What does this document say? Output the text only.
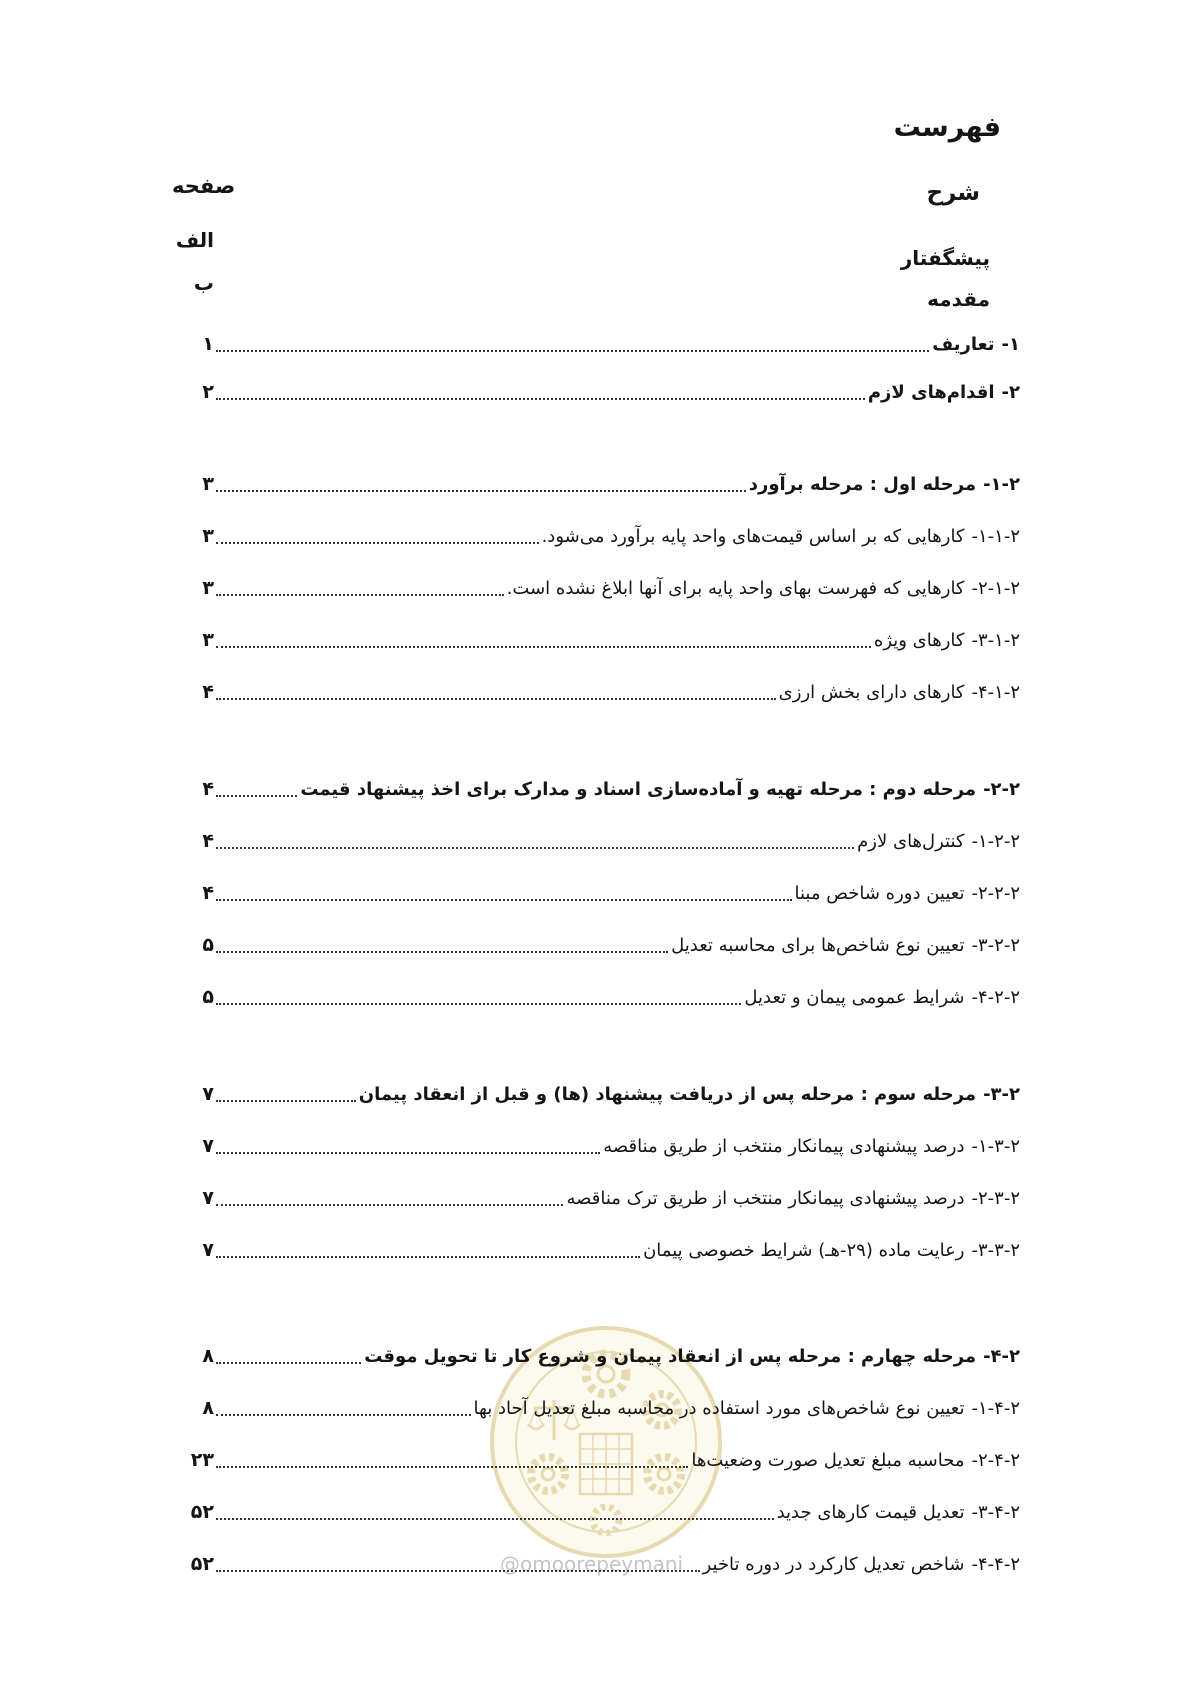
فهرست
شرح
صفحه
پیشگفتار
الف
مقدمه
ب
@omoorepeymani
۱-تعاریف
۱
۲-اقدام‌های لازم
۲
۲-۱-مرحله اول : مرحله برآورد
۳
۲-۱-۱-کارهایی که بر اساس قیمت‌های واحد پایه برآورد می‌شود.
۳
۲-۱-۲-کارهایی که فهرست بهای واحد پایه برای آنها ابلاغ نشده است.
۳
۲-۱-۳-کارهای ویژه
۳
۲-۱-۴-کارهای دارای بخش ارزی
۴
۲-۲-مرحله دوم : مرحله تهیه و آماده‌سازی اسناد و مدارک برای اخذ پیشنهاد قیمت
۴
۲-۲-۱-کنترل‌های لازم
۴
۲-۲-۲-تعیین دوره شاخص مبنا
۴
۲-۲-۳-تعیین نوع شاخص‌ها برای محاسبه تعدیل
۵
۲-۲-۴-شرایط عمومی پیمان و تعدیل
۵
۲-۳-مرحله سوم : مرحله پس از دریافت پیشنهاد (ها) و قبل از انعقاد پیمان
۷
۲-۳-۱-درصد پیشنهادی پیمانکار منتخب از طریق مناقصه
۷
۲-۳-۲-درصد پیشنهادی پیمانکار منتخب از طریق ترک مناقصه
۷
۲-۳-۳-رعایت ماده (۲۹-هـ) شرایط خصوصی پیمان
۷
۲-۴-مرحله چهارم : مرحله پس از انعقاد پیمان و شروع کار تا تحویل موقت
۸
۲-۴-۱-تعیین نوع شاخص‌های مورد استفاده در محاسبه مبلغ تعدیل آحاد بها
۸
۲-۴-۲-محاسبه مبلغ تعدیل صورت وضعیت‌ها
۲۳
۲-۴-۳-تعدیل قیمت کارهای جدید
۵۲
۲-۴-۴-شاخص تعدیل کارکرد در دوره تاخیر
۵۲
